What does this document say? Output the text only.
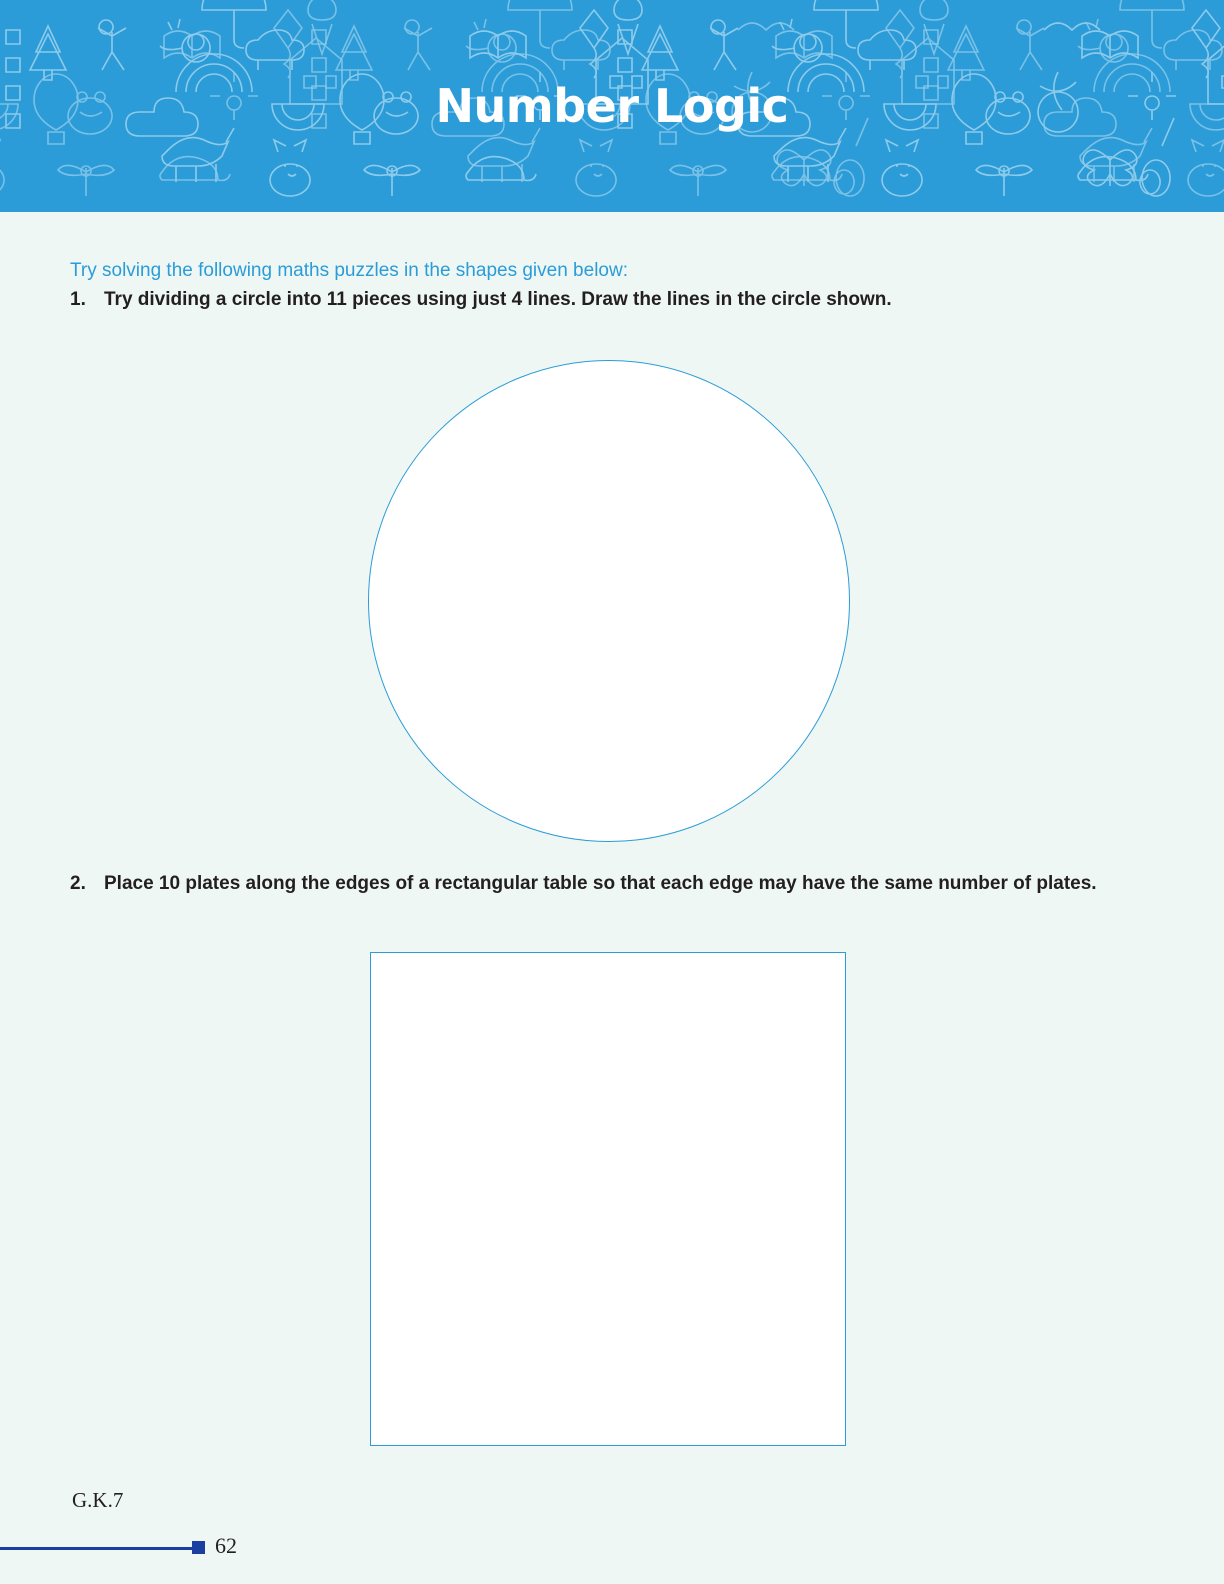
Number Logic
Try solving the following maths puzzles in the shapes given below:
1. Try dividing a circle into 11 pieces using just 4 lines. Draw the lines in the circle shown.
2. Place 10 plates along the edges of a rectangular table so that each edge may have the same number of plates.
G.K.7
62
